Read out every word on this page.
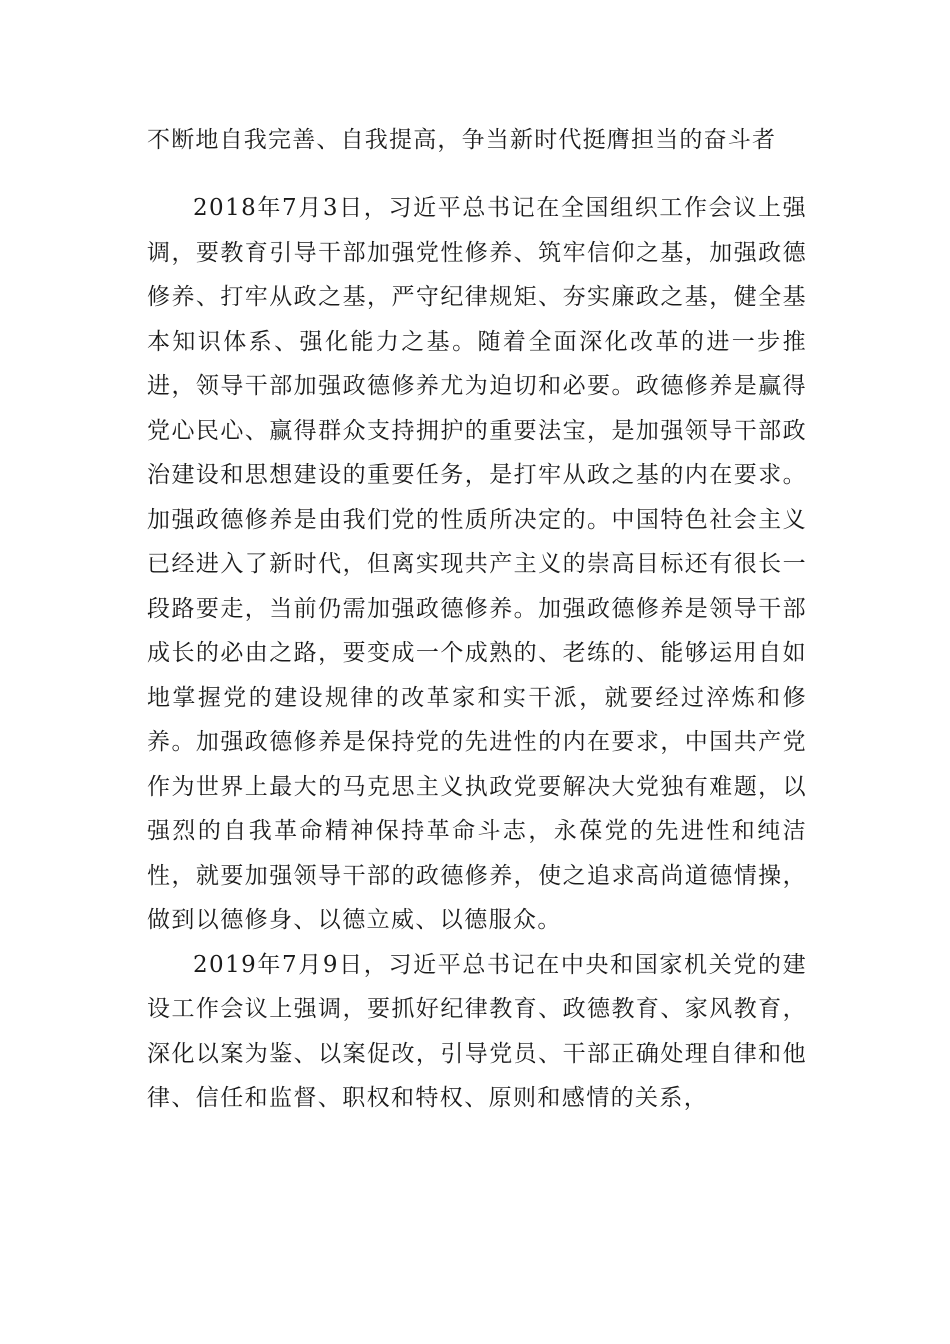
不断地自我完善、自我提高，争当新时代挺膺担当的奋斗者

2018年7月3日，习近平总书记在全国组织工作会议上强调，要教育引导干部加强党性修养、筑牢信仰之基，加强政德修养、打牢从政之基，严守纪律规矩、夯实廉政之基，健全基本知识体系、强化能力之基。随着全面深化改革的进一步推进，领导干部加强政德修养尤为迫切和必要。政德修养是赢得党心民心、赢得群众支持拥护的重要法宝，是加强领导干部政治建设和思想建设的重要任务，是打牢从政之基的内在要求。加强政德修养是由我们党的性质所决定的。中国特色社会主义已经进入了新时代，但离实现共产主义的崇高目标还有很长一段路要走，当前仍需加强政德修养。加强政德修养是领导干部成长的必由之路，要变成一个成熟的、老练的、能够运用自如地掌握党的建设规律的改革家和实干派，就要经过淬炼和修养。加强政德修养是保持党的先进性的内在要求，中国共产党作为世界上最大的马克思主义执政党要解决大党独有难题，以强烈的自我革命精神保持革命斗志，永葆党的先进性和纯洁性，就要加强领导干部的政德修养，使之追求高尚道德情操，做到以德修身、以德立威、以德服众。

2019年7月9日，习近平总书记在中央和国家机关党的建设工作会议上强调，要抓好纪律教育、政德教育、家风教育，深化以案为鉴、以案促改，引导党员、干部正确处理自律和他律、信任和监督、职权和特权、原则和感情的关系，
